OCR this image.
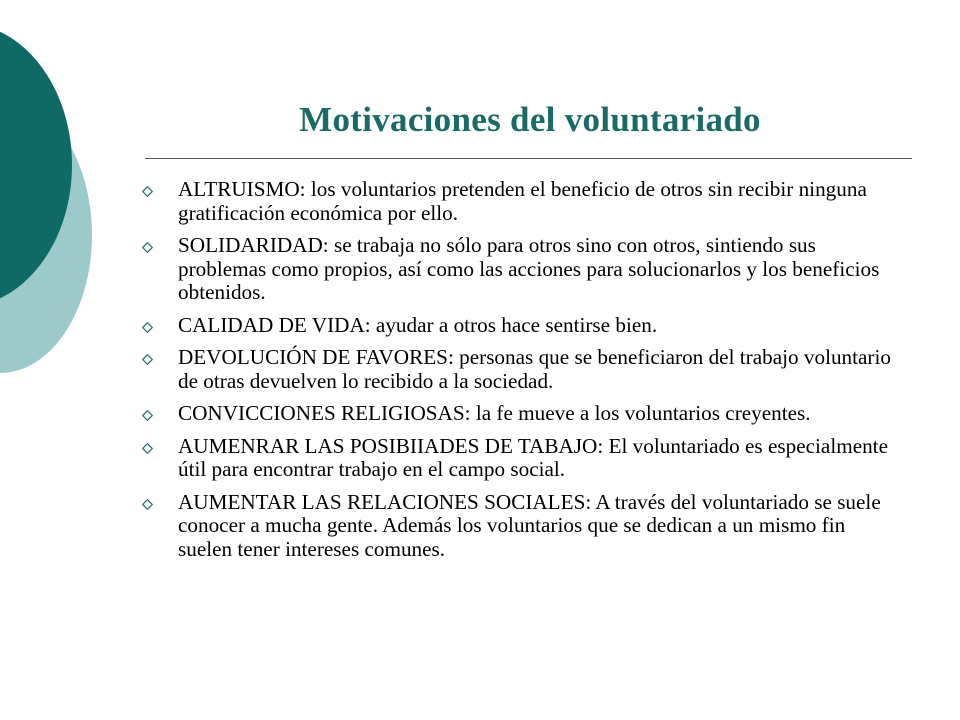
Motivaciones del voluntariado
ALTRUISMO: los voluntarios pretenden el beneficio de otros sin recibir ninguna gratificación económica por ello.
SOLIDARIDAD: se trabaja no sólo para otros sino con otros, sintiendo sus problemas como propios, así como las acciones para solucionarlos y los beneficios obtenidos.
CALIDAD DE VIDA: ayudar a otros hace sentirse bien.
DEVOLUCIÓN DE FAVORES: personas que se beneficiaron del trabajo voluntario de otras devuelven lo recibido a la sociedad.
CONVICCIONES RELIGIOSAS: la fe mueve a los voluntarios creyentes.
AUMENRAR LAS POSIBIIADES DE TABAJO: El voluntariado es especialmente útil para encontrar trabajo en el campo social.
AUMENTAR LAS RELACIONES SOCIALES: A través del voluntariado se suele conocer a mucha gente. Además los voluntarios que se dedican a un mismo fin suelen tener intereses comunes.
